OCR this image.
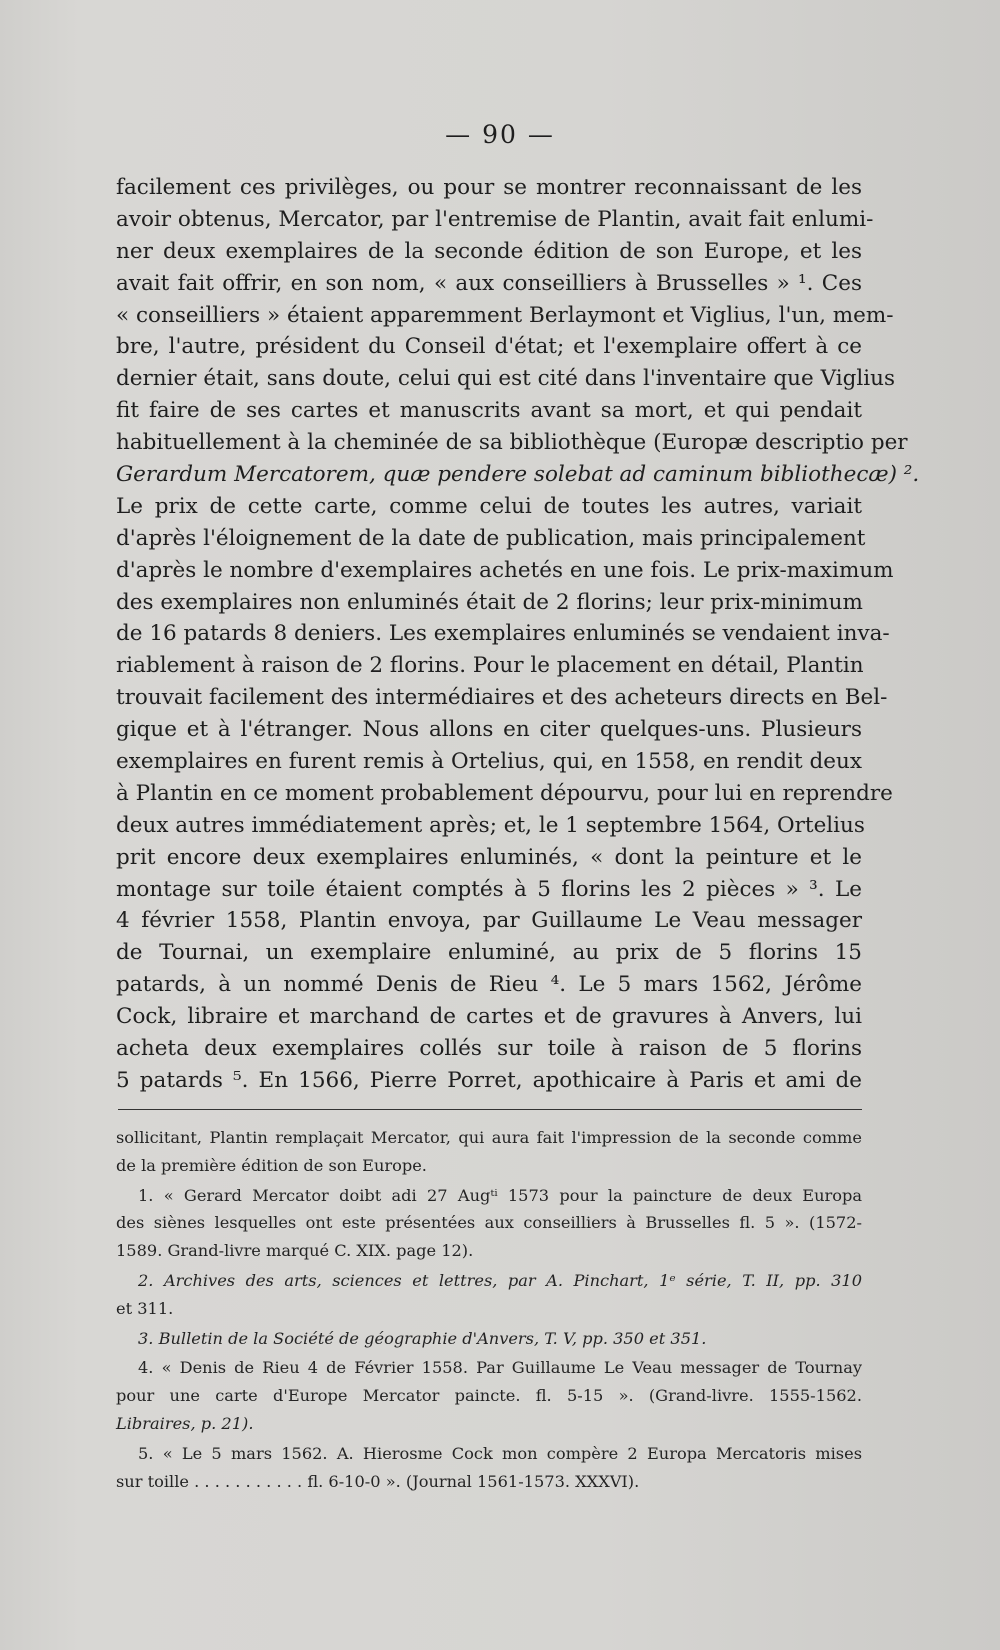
— 90 —
facilement ces privilèges, ou pour se montrer reconnaissant de les
avoir obtenus, Mercator, par l'entremise de Plantin, avait fait enlumi-
ner deux exemplaires de la seconde édition de son Europe, et les
avait fait offrir, en son nom, « aux conseilliers à Brusselles » ¹. Ces
« conseilliers » étaient apparemment Berlaymont et Viglius, l'un, mem-
bre, l'autre, président du Conseil d'état; et l'exemplaire offert à ce
dernier était, sans doute, celui qui est cité dans l'inventaire que Viglius
fit faire de ses cartes et manuscrits avant sa mort, et qui pendait
habituellement à la cheminée de sa bibliothèque (Europæ descriptio per
Gerardum Mercatorem, quæ pendere solebat ad caminum bibliothecæ) ².
Le prix de cette carte, comme celui de toutes les autres, variait
d'après l'éloignement de la date de publication, mais principalement
d'après le nombre d'exemplaires achetés en une fois. Le prix-maximum
des exemplaires non enluminés était de 2 florins; leur prix-minimum
de 16 patards 8 deniers. Les exemplaires enluminés se vendaient inva-
riablement à raison de 2 florins. Pour le placement en détail, Plantin
trouvait facilement des intermédiaires et des acheteurs directs en Bel-
gique et à l'étranger. Nous allons en citer quelques-uns. Plusieurs
exemplaires en furent remis à Ortelius, qui, en 1558, en rendit deux
à Plantin en ce moment probablement dépourvu, pour lui en reprendre
deux autres immédiatement après; et, le 1 septembre 1564, Ortelius
prit encore deux exemplaires enluminés, « dont la peinture et le
montage sur toile étaient comptés à 5 florins les 2 pièces » ³. Le
4 février 1558, Plantin envoya, par Guillaume Le Veau messager
de Tournai, un exemplaire enluminé, au prix de 5 florins 15
patards, à un nommé Denis de Rieu ⁴. Le 5 mars 1562, Jérôme
Cock, libraire et marchand de cartes et de gravures à Anvers, lui
acheta deux exemplaires collés sur toile à raison de 5 florins
5 patards ⁵. En 1566, Pierre Porret, apothicaire à Paris et ami de
sollicitant, Plantin remplaçait Mercator, qui aura fait l'impression de la seconde comme
de la première édition de son Europe.
1. « Gerard Mercator doibt adi 27 Augᵗⁱ 1573 pour la paincture de deux Europa
des siènes lesquelles ont este présentées aux conseilliers à Brusselles fl. 5 ». (1572-
1589. Grand-livre marqué C. XIX. page 12).
2. Archives des arts, sciences et lettres, par A. Pinchart, 1ᵉ série, T. II, pp. 310
et 311.
3. Bulletin de la Société de géographie d'Anvers, T. V, pp. 350 et 351.
4. « Denis de Rieu 4 de Février 1558. Par Guillaume Le Veau messager de Tournay
pour une carte d'Europe Mercator paincte. fl. 5-15 ». (Grand-livre. 1555-1562.
Libraires, p. 21).
5. « Le 5 mars 1562. A. Hierosme Cock mon compère 2 Europa Mercatoris mises
sur toille . . . . . . . . . . . fl. 6-10-0 ». (Journal 1561-1573. XXXVI).
